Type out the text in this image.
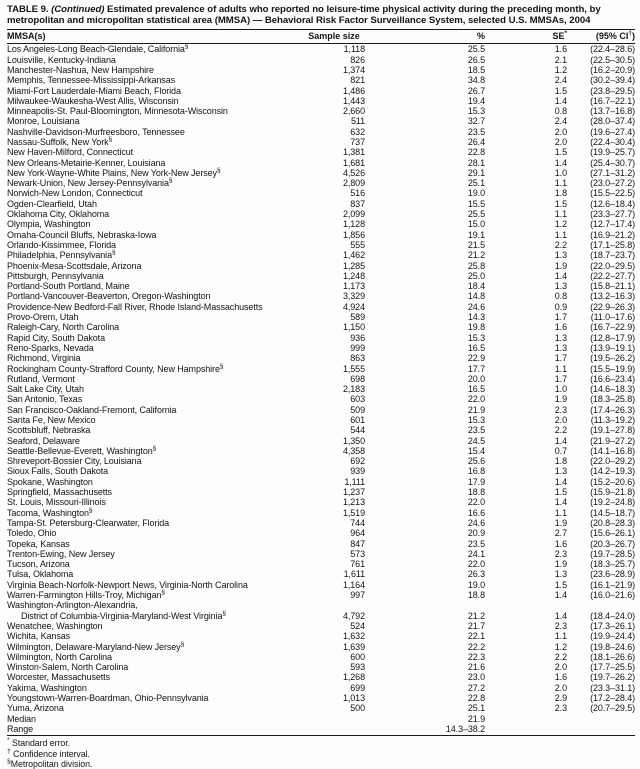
TABLE 9. (Continued) Estimated prevalence of adults who reported no leisure-time physical activity during the preceding month, by metropolitan and micropolitan statistical area (MMSA) — Behavioral Risk Factor Surveillance System, selected U.S. MMSAs, 2004
MMSA(s)	Sample size	%	SE*	(95% CI†)
Los Angeles-Long Beach-Glendale, California§	1,118	25.5	1.6	(22.4–28.6)
Louisville, Kentucky-Indiana	826	26.5	2.1	(22.5–30.5)
Manchester-Nashua, New Hampshire	1,374	18.5	1.2	(16.2–20.9)
Memphis, Tennessee-Mississippi-Arkansas	821	34.8	2.4	(30.2–39.4)
Miami-Fort Lauderdale-Miami Beach, Florida	1,486	26.7	1.5	(23.8–29.5)
Milwaukee-Waukesha-West Allis, Wisconsin	1,443	19.4	1.4	(16.7–22.1)
Minneapolis-St. Paul-Bloomington, Minnesota-Wisconsin	2,660	15.3	0.8	(13.7–16.8)
Monroe, Louisiana	511	32.7	2.4	(28.0–37.4)
Nashville-Davidson-Murfreesboro, Tennessee	632	23.5	2.0	(19.6–27.4)
Nassau-Suffolk, New York§	737	26.4	2.0	(22.4–30.4)
New Haven-Milford, Connecticut	1,381	22.8	1.5	(19.9–25.7)
New Orleans-Metairie-Kenner, Louisiana	1,681	28.1	1.4	(25.4–30.7)
New York-Wayne-White Plains, New York-New Jersey§	4,526	29.1	1.0	(27.1–31.2)
Newark-Union, New Jersey-Pennsylvania§	2,809	25.1	1.1	(23.0–27.2)
Norwich-New London, Connecticut	516	19.0	1.8	(15.5–22.5)
Ogden-Clearfield, Utah	837	15.5	1.5	(12.6–18.4)
Oklahoma City, Oklahoma	2,099	25.5	1.1	(23.3–27.7)
Olympia, Washington	1,128	15.0	1.2	(12.7–17.4)
Omaha-Council Bluffs, Nebraska-Iowa	1,856	19.1	1.1	(16.9–21.2)
Orlando-Kissimmee, Florida	555	21.5	2.2	(17.1–25.8)
Philadelphia, Pennsylvania§	1,462	21.2	1.3	(18.7–23.7)
Phoenix-Mesa-Scottsdale, Arizona	1,285	25.8	1.9	(22.0–29.5)
Pittsburgh, Pennsylvania	1,248	25.0	1.4	(22.2–27.7)
Portland-South Portland, Maine	1,173	18.4	1.3	(15.8–21.1)
Portland-Vancouver-Beaverton, Oregon-Washington	3,329	14.8	0.8	(13.2–16.3)
Providence-New Bedford-Fall River, Rhode Island-Massachusetts	4,924	24.6	0.9	(22.9–26.3)
Provo-Orem, Utah	589	14.3	1.7	(11.0–17.6)
Raleigh-Cary, North Carolina	1,150	19.8	1.6	(16.7–22.9)
Rapid City, South Dakota	936	15.3	1.3	(12.8–17.9)
Reno-Sparks, Nevada	999	16.5	1.3	(13.9–19.1)
Richmond, Virginia	863	22.9	1.7	(19.5–26.2)
Rockingham County-Strafford County, New Hampshire§	1,555	17.7	1.1	(15.5–19.9)
Rutland, Vermont	698	20.0	1.7	(16.6–23.4)
Salt Lake City, Utah	2,183	16.5	1.0	(14.6–18.3)
San Antonio, Texas	603	22.0	1.9	(18.3–25.8)
San Francisco-Oakland-Fremont, California	509	21.9	2.3	(17.4–26.3)
Santa Fe, New Mexico	601	15.3	2.0	(11.3–19.2)
Scottsbluff, Nebraska	544	23.5	2.2	(19.1–27.8)
Seaford, Delaware	1,350	24.5	1.4	(21.9–27.2)
Seattle-Bellevue-Everett, Washington§	4,358	15.4	0.7	(14.1–16.8)
Shreveport-Bossier City, Louisiana	692	25.6	1.8	(22.0–29.2)
Sioux Falls, South Dakota	939	16.8	1.3	(14.2–19.3)
Spokane, Washington	1,111	17.9	1.4	(15.2–20.6)
Springfield, Massachusetts	1,237	18.8	1.5	(15.9–21.8)
St. Louis, Missouri-Illinois	1,213	22.0	1.4	(19.2–24.8)
Tacoma, Washington§	1,519	16.6	1.1	(14.5–18.7)
Tampa-St. Petersburg-Clearwater, Florida	744	24.6	1.9	(20.8–28.3)
Toledo, Ohio	964	20.9	2.7	(15.6–26.1)
Topeka, Kansas	847	23.5	1.6	(20.3–26.7)
Trenton-Ewing, New Jersey	573	24.1	2.3	(19.7–28.5)
Tucson, Arizona	761	22.0	1.9	(18.3–25.7)
Tulsa, Oklahoma	1,611	26.3	1.3	(23.6–28.9)
Virginia Beach-Norfolk-Newport News, Virginia-North Carolina	1,164	19.0	1.5	(16.1–21.9)
Warren-Farmington Hills-Troy, Michigan§	997	18.8	1.4	(16.0–21.6)
Washington-Arlington-Alexandria,				
District of Columbia-Virginia-Maryland-West Virginia§	4,792	21.2	1.4	(18.4–24.0)
Wenatchee, Washington	524	21.7	2.3	(17.3–26.1)
Wichita, Kansas	1,632	22.1	1.1	(19.9–24.4)
Wilmington, Delaware-Maryland-New Jersey§	1,639	22.2	1.2	(19.8–24.6)
Wilmington, North Carolina	600	22.3	2.2	(18.1–26.6)
Winston-Salem, North Carolina	593	21.6	2.0	(17.7–25.5)
Worcester, Massachusetts	1,268	23.0	1.6	(19.7–26.2)
Yakima, Washington	699	27.2	2.0	(23.3–31.1)
Youngstown-Warren-Boardman, Ohio-Pennsylvania	1,013	22.8	2.9	(17.2–28.4)
Yuma, Arizona	500	25.1	2.3	(20.7–29.5)
Median		21.9		
Range		14.3–38.2		
* Standard error.
† Confidence interval.
§Metropolitan division.
